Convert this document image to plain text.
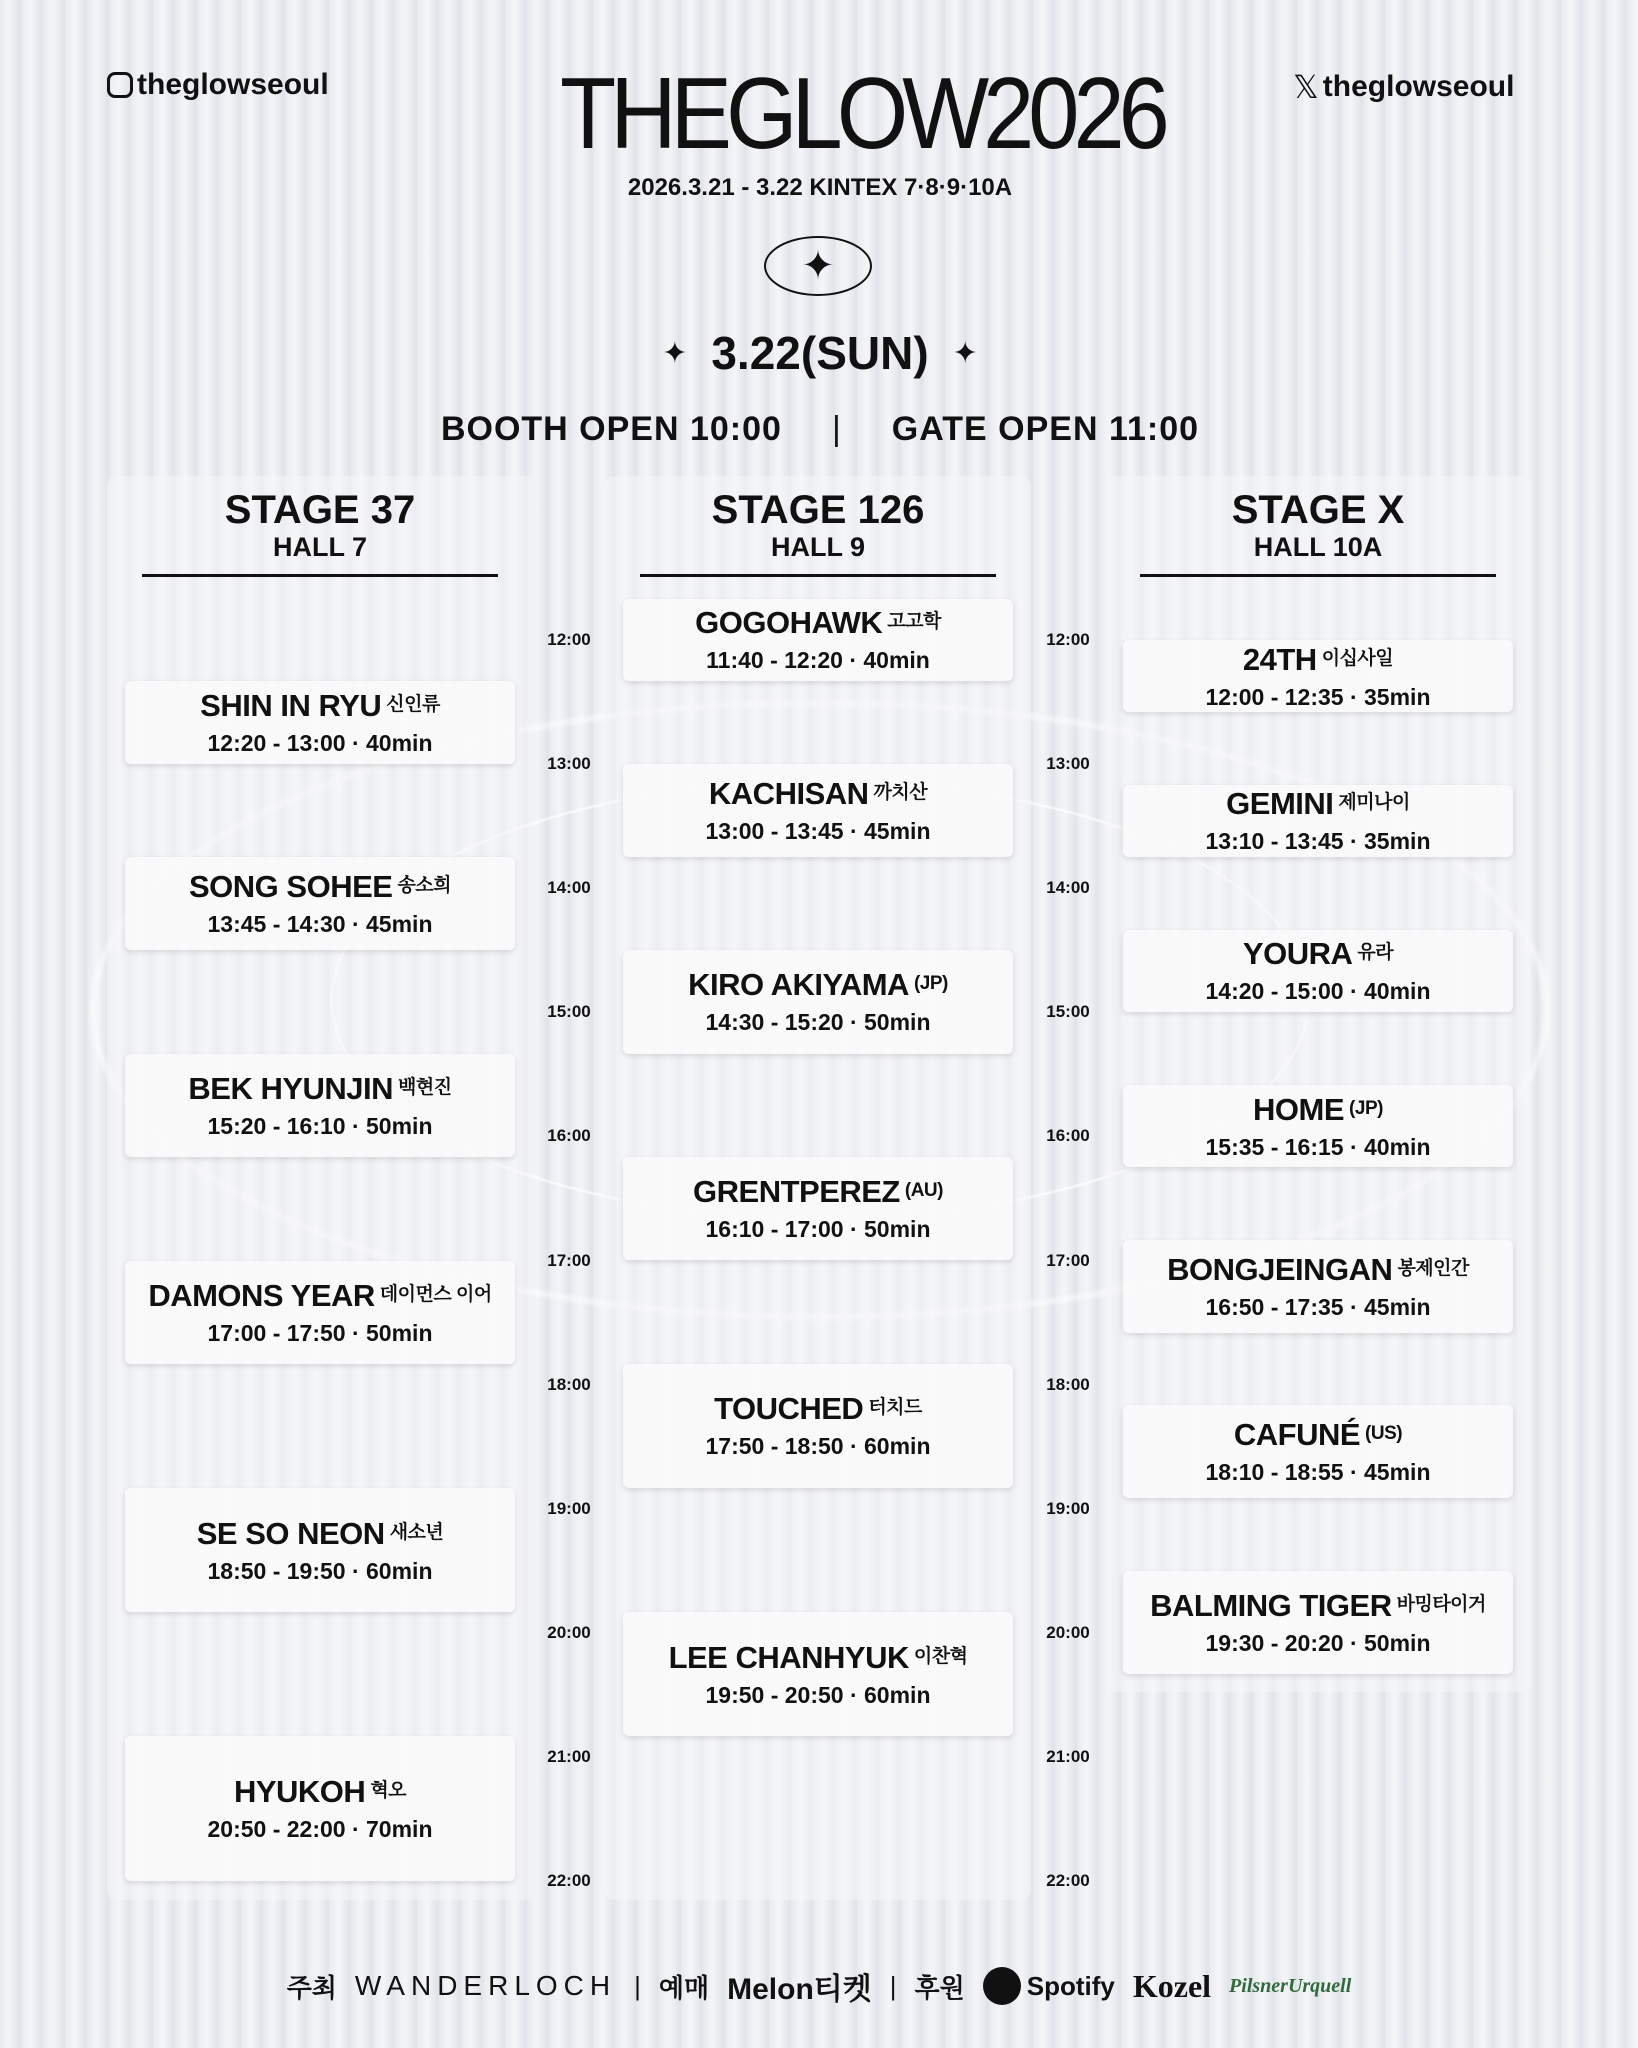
theglowseoul	𝕏 theglowseoul
THEGLOW2026
2026.3.21 - 3.22 KINTEX 7·8·9·10A
✦
✦ 3.22(SUN) ✦
BOOTH OPEN 10:00 | GATE OPEN 11:00
STAGE 37
HALL 7
SHIN IN RYU 신인류
12:20 - 13:00 · 40min
SONG SOHEE 송소희
13:45 - 14:30 · 45min
BEK HYUNJIN 백현진
15:20 - 16:10 · 50min
DAMONS YEAR 데이먼스 이어
17:00 - 17:50 · 50min
SE SO NEON 새소년
18:50 - 19:50 · 60min
HYUKOH 혁오
20:50 - 22:00 · 70min
STAGE 126
HALL 9
GOGOHAWK 고고학
11:40 - 12:20 · 40min
KACHISAN 까치산
13:00 - 13:45 · 45min
KIRO AKIYAMA (JP)
14:30 - 15:20 · 50min
GRENTPEREZ (AU)
16:10 - 17:00 · 50min
TOUCHED 터치드
17:50 - 18:50 · 60min
LEE CHANHYUK 이찬혁
19:50 - 20:50 · 60min
STAGE X
HALL 10A
24TH 이십사일
12:00 - 12:35 · 35min
GEMINI 제미나이
13:10 - 13:45 · 35min
YOURA 유라
14:20 - 15:00 · 40min
HOME (JP)
15:35 - 16:15 · 40min
BONGJEINGAN 봉제인간
16:50 - 17:35 · 45min
CAFUNÉ (US)
18:10 - 18:55 · 45min
BALMING TIGER 바밍타이거
19:30 - 20:20 · 50min
12:00
13:00
14:00
15:00
16:00
17:00
18:00
19:00
20:00
21:00
22:00
12:00
13:00
14:00
15:00
16:00
17:00
18:00
19:00
20:00
21:00
22:00
주최 WANDERLOCH | 예매 Melon티켓 | 후원 Spotify Kozel PilsnerUrquell
